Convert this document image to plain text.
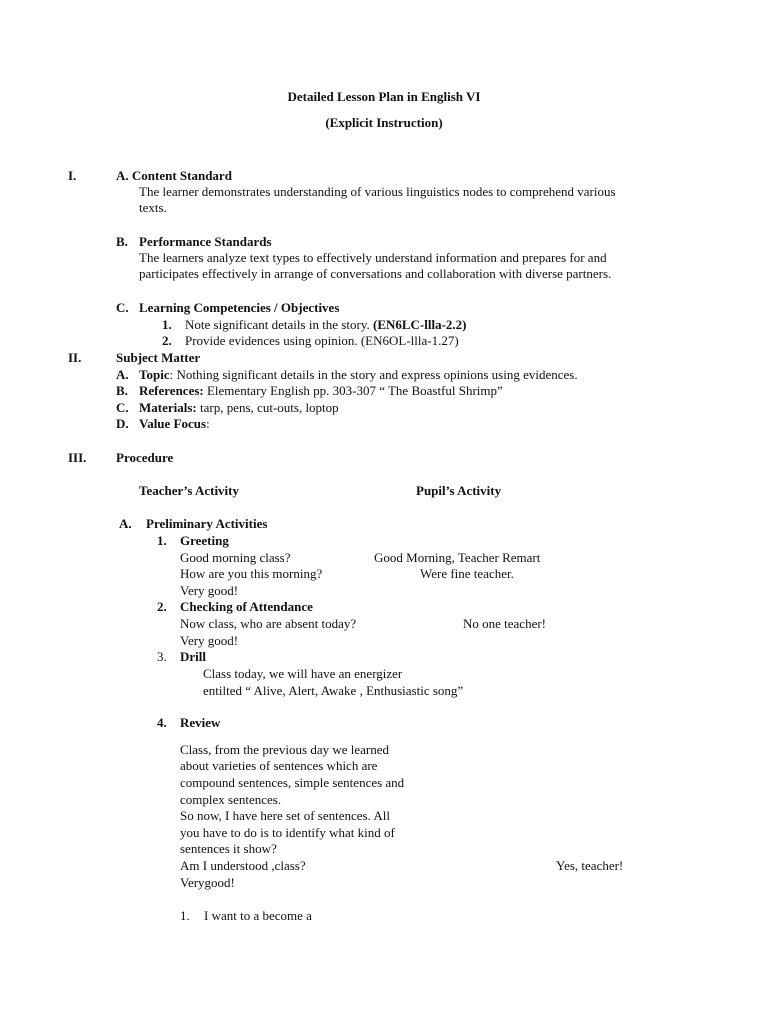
Detailed Lesson Plan in English VI
(Explicit Instruction)
I.	A. Content Standard
The learner demonstrates understanding of various linguistics nodes to comprehend various
texts.
B. Performance Standards
The learners analyze text types to effectively understand information and prepares for and
participates effectively in arrange of conversations and collaboration with diverse partners.
C. Learning Competencies / Objectives
1. Note significant details in the story. (EN6LC-llla-2.2)
2. Provide evidences using opinion. (EN6OL-llla-1.27)
II.	Subject Matter
A. Topic: Nothing significant details in the story and express opinions using evidences.
B. References: Elementary English pp. 303-307 “ The Boastful Shrimp”
C. Materials: tarp, pens, cut-outs, loptop
D. Value Focus:
III. Procedure
Teacher’s Activity	Pupil’s Activity
A. Preliminary Activities
1. Greeting
Good morning class?	Good Morning, Teacher Remart
How are you this morning?	Were fine teacher.
Very good!
2. Checking of Attendance
Now class, who are absent today?	No one teacher!
Very good!
3. Drill
Class today, we will have an energizer
entilted “ Alive, Alert, Awake , Enthusiastic song”
4. Review
Class, from the previous day we learned
about varieties of sentences which are
compound sentences, simple sentences and
complex sentences.
So now, I have here set of sentences. All
you have to do is to identify what kind of
sentences it show?
Am I understood ,class?	Yes, teacher!
Verygood!
1. I want to a become a
